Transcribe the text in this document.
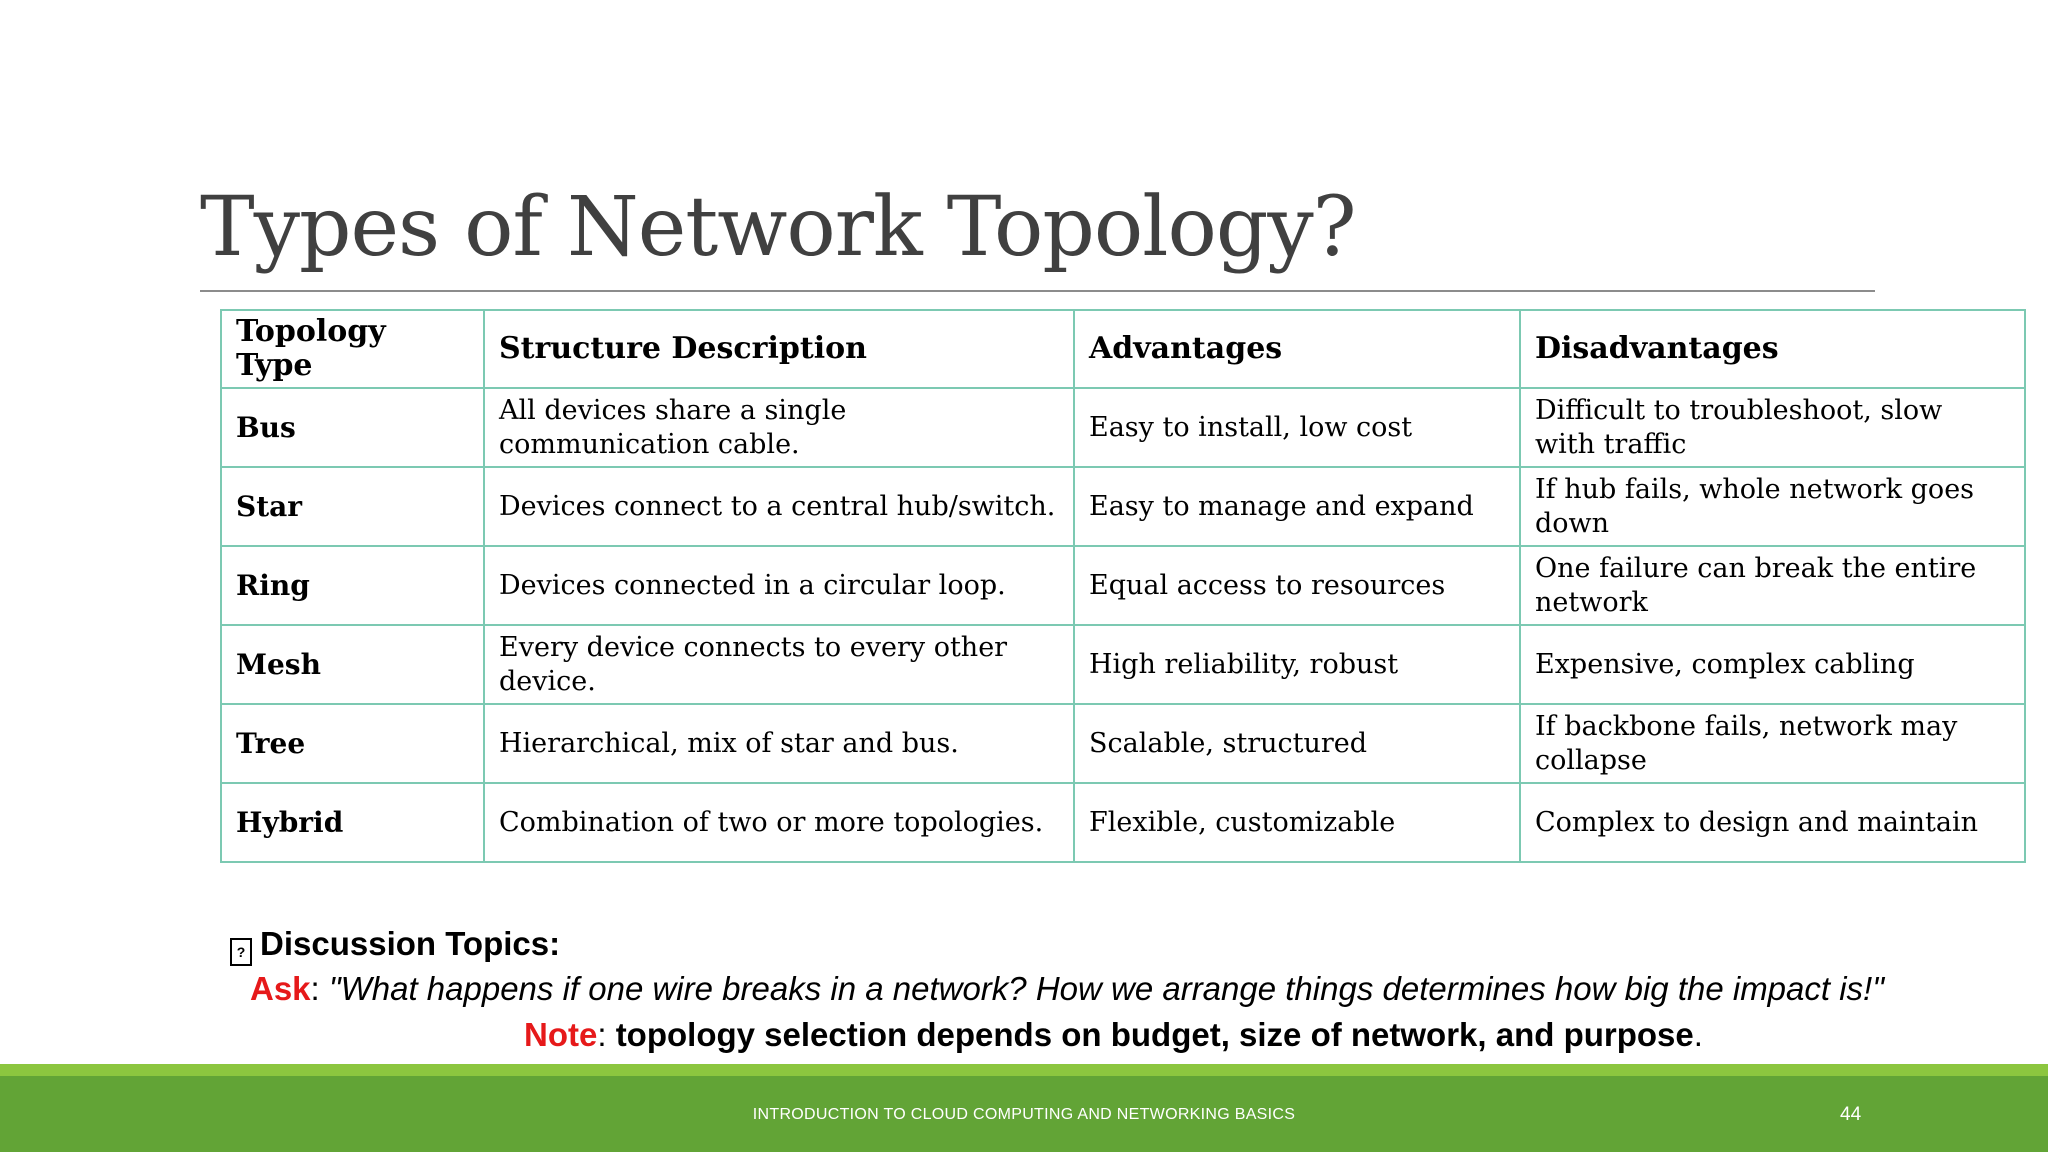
Types of Network Topology?
Topology Type	Structure Description	Advantages	Disadvantages
Bus	All devices share a single communication cable.	Easy to install, low cost	Difficult to troubleshoot, slow with traffic
Star	Devices connect to a central hub/switch.	Easy to manage and expand	If hub fails, whole network goes down
Ring	Devices connected in a circular loop.	Equal access to resources	One failure can break the entire network
Mesh	Every device connects to every other device.	High reliability, robust	Expensive, complex cabling
Tree	Hierarchical, mix of star and bus.	Scalable, structured	If backbone fails, network may collapse
Hybrid	Combination of two or more topologies.	Flexible, customizable	Complex to design and maintain
? Discussion Topics:
Ask: "What happens if one wire breaks in a network? How we arrange things determines how big the impact is!"
Note: topology selection depends on budget, size of network, and purpose.
INTRODUCTION TO CLOUD COMPUTING AND NETWORKING BASICS	44
